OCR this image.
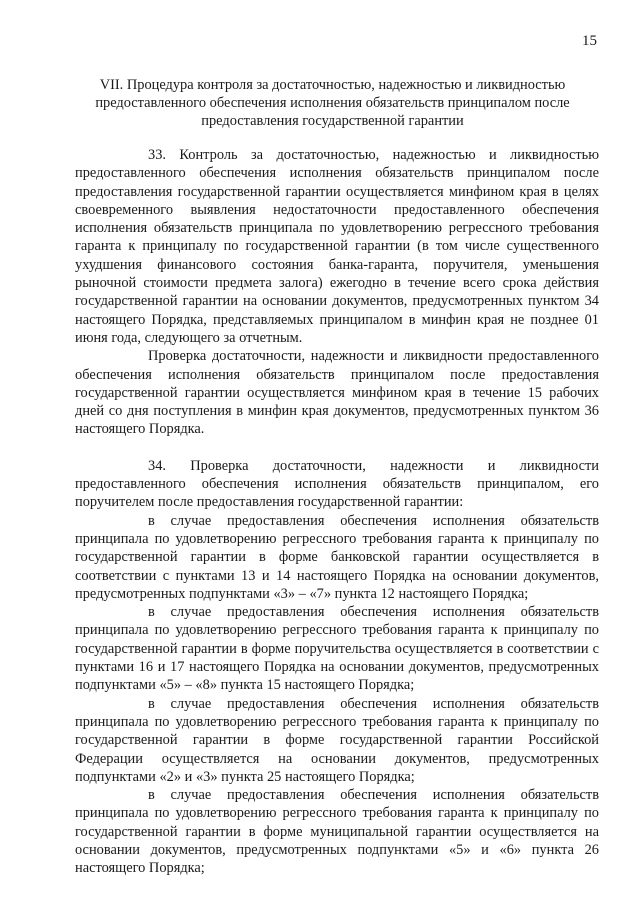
15
VII. Процедура контроля за достаточностью, надежностью и ликвидностью предоставленного обеспечения исполнения обязательств принципалом после предоставления государственной гарантии

33. Контроль за достаточностью, надежностью и ликвидностью предоставленного обеспечения исполнения обязательств принципалом после предоставления государственной гарантии осуществляется минфином края в целях своевременного выявления недостаточности предоставленного обеспечения исполнения обязательств принципала по удовлетворению регрессного требования гаранта к принципалу по государственной гарантии (в том числе существенного ухудшения финансового состояния банка-гаранта, поручителя, уменьшения рыночной стоимости предмета залога) ежегодно в течение всего срока действия государственной гарантии на основании документов, предусмотренных пунктом 34 настоящего Порядка, представляемых принципалом в минфин края не позднее 01 июня года, следующего за отчетным.

Проверка достаточности, надежности и ликвидности предоставленного обеспечения исполнения обязательств принципалом после предоставления государственной гарантии осуществляется минфином края в течение 15 рабочих дней со дня поступления в минфин края документов, предусмотренных пунктом 36 настоящего Порядка.

34. Проверка достаточности, надежности и ликвидности предоставленного обеспечения исполнения обязательств принципалом, его поручителем после предоставления государственной гарантии:

в случае предоставления обеспечения исполнения обязательств принципала по удовлетворению регрессного требования гаранта к принципалу по государственной гарантии в форме банковской гарантии осуществляется в соответствии с пунктами 13 и 14 настоящего Порядка на основании документов, предусмотренных подпунктами «3» – «7» пункта 12 настоящего Порядка;

в случае предоставления обеспечения исполнения обязательств принципала по удовлетворению регрессного требования гаранта к принципалу по государственной гарантии в форме поручительства осуществляется в соответствии с пунктами 16 и 17 настоящего Порядка на основании документов, предусмотренных подпунктами «5» – «8» пункта 15 настоящего Порядка;

в случае предоставления обеспечения исполнения обязательств принципала по удовлетворению регрессного требования гаранта к принципалу по государственной гарантии в форме государственной гарантии Российской Федерации осуществляется на основании документов, предусмотренных подпунктами «2» и «3» пункта 25 настоящего Порядка;

в случае предоставления обеспечения исполнения обязательств принципала по удовлетворению регрессного требования гаранта к принципалу по государственной гарантии в форме муниципальной гарантии осуществляется на основании документов, предусмотренных подпунктами «5» и «6» пункта 26 настоящего Порядка;
